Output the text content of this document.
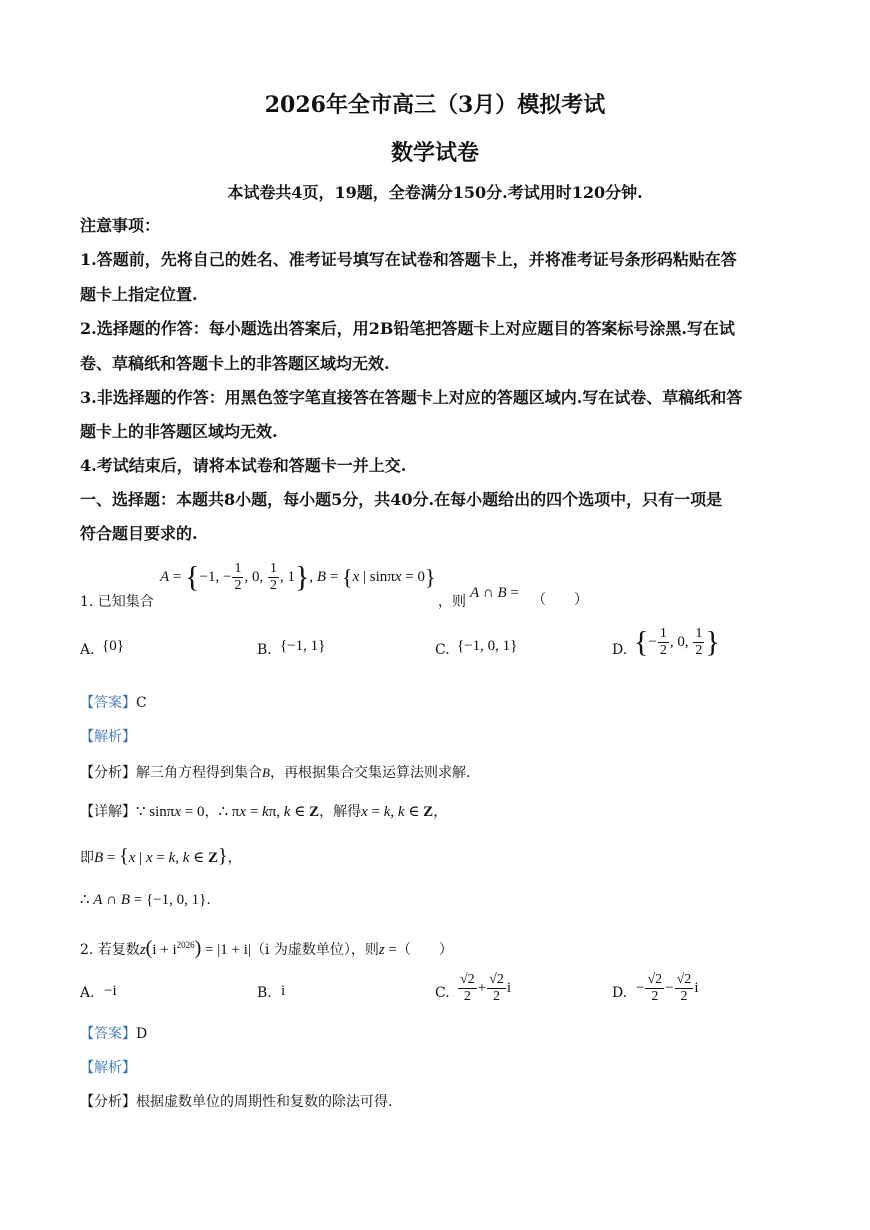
2026年全市高三（3月）模拟考试
数学试卷
本试卷共4页，19题，全卷满分150分.考试用时120分钟.
注意事项：
1.答题前，先将自己的姓名、准考证号填写在试卷和答题卡上，并将准考证号条形码粘贴在答
题卡上指定位置.
2.选择题的作答：每小题选出答案后，用2B铅笔把答题卡上对应题目的答案标号涂黑.写在试
卷、草稿纸和答题卡上的非答题区域均无效.
3.非选择题的作答：用黑色签字笔直接答在答题卡上对应的答题区域内.写在试卷、草稿纸和答
题卡上的非答题区域均无效.
4.考试结束后，请将本试卷和答题卡一并上交.
一、选择题：本题共8小题，每小题5分，共40分.在每小题给出的四个选项中，只有一项是
符合题目要求的.
1. 已知集合
A = {−1, − $\frac{1}{2}$ , 0, $\frac{1}{2}$ , 1}, B = {x | sinπx = 0}
，则
A ∩ B = （　　）
A. {0}	B. {−1, 1}	C. {−1, 0, 1}	D. {− $\frac{1}{2}$ , 0, $\frac{1}{2}$ }
【答案】C
【解析】
【分析】解三角方程得到集合B，再根据集合交集运算法则求解.
【详解】∵ sinπx = 0，∴ πx = kπ, k ∈ Z，解得x = k, k ∈ Z，
即B = {x | x = k, k ∈ Z}，
∴ A ∩ B = {−1, 0, 1}.
2. 若复数$z(i + i^{2026}) = |1 + i|(i$ 为虚数单位），则z =（　　）
A. −i	B. i	C. $\frac{√2}{2} + \frac{√2}{2}$ i	D. − $\frac{√2}{2} - \frac{√2}{2}$ i
【答案】D
【解析】
【分析】根据虚数单位的周期性和复数的除法可得.
